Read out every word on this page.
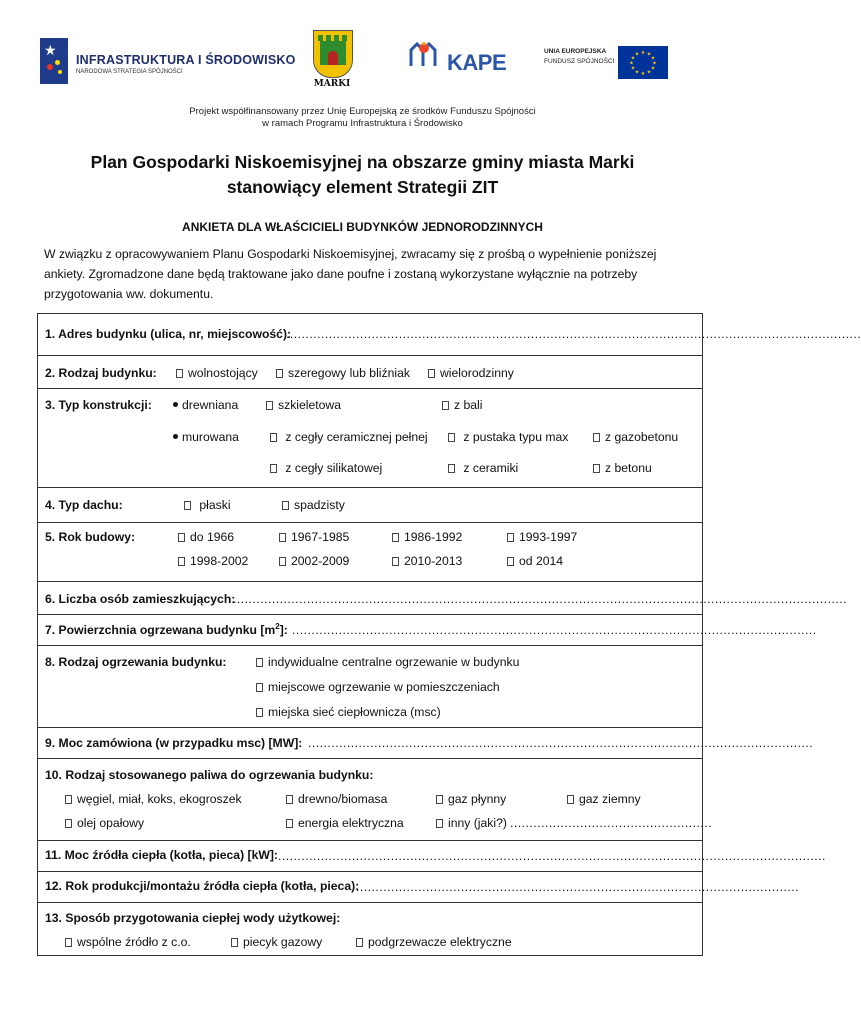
★
INFRASTRUKTURA I ŚRODOWISKO
NARODOWA STRATEGIA SPÓJNOŚCI
MARKI
KAPE	UNIA EUROPEJSKA
FUNDUSZ SPÓJNOŚCI
★ ★
★
★
★
★
★
★
★
★
★
★
Projekt współfinansowany przez Unię Europejską ze środków Funduszu Spójności
w ramach Programu Infrastruktura i Środowisko
Plan Gospodarki Niskoemisyjnej na obszarze gminy miasta Marki
stanowiący element Strategii ZIT
ANKIETA DLA WŁAŚCICIELI BUDYNKÓW JEDNORODZINNYCH
W związku z opracowywaniem Planu Gospodarki Niskoemisyjnej, zwracamy się z prośbą o wypełnienie poniższej
ankiety. Zgromadzone dane będą traktowane jako dane poufne i zostaną wykorzystane wyłącznie na potrzeby
przygotowania ww. dokumentu.
1. Adres budynku (ulica, nr, miejscowość):
....................................................................................................................................................
2. Rodzaj budynku:	wolnostojący	szeregowy lub bliźniak	wielorodzinny
3. Typ konstrukcji:	drewniana	szkieletowa	z bali
murowana	z cegły ceramicznej pełnej	z pustaka typu max	z gazobetonu
z cegły silikatowej	z ceramiki	z betonu
4. Typ dachu:	płaski	spadzisty
5. Rok budowy:	do 1966	1967-1985	1986-1992	1993-1997
1998-2002	2002-2009	2010-2013	od 2014
6. Liczba osób zamieszkujących:
..............................................................................................................................................................
7. Powierzchnia ogrzewana budynku $[m^2]$: .......................................................................................................................................
8. Rodzaj ogrzewania budynku:	indywidualne centralne ogrzewanie w budynku
miejscowe ogrzewanie w pomieszczeniach
miejska sieć ciepłownicza (msc)
9. Moc zamówiona (w przypadku msc) [MW]: ..................................................................................................................................
10. Rodzaj stosowanego paliwa do ogrzewania budynku:
węgiel, miał, koks, ekogroszek	drewno/biomasa	gaz płynny	gaz ziemny
olej opałowy	energia elektryczna	inny (jaki?) ....................................................
11. Moc źródła ciepła (kotła, pieca) [kW]: .............................................................................................................................................
12. Rok produkcji/montażu źródła ciepła (kotła, pieca):
..................................................................................................................
13. Sposób przygotowania ciepłej wody użytkowej:
wspólne źródło z c.o.	piecyk gazowy	podgrzewacze elektryczne
